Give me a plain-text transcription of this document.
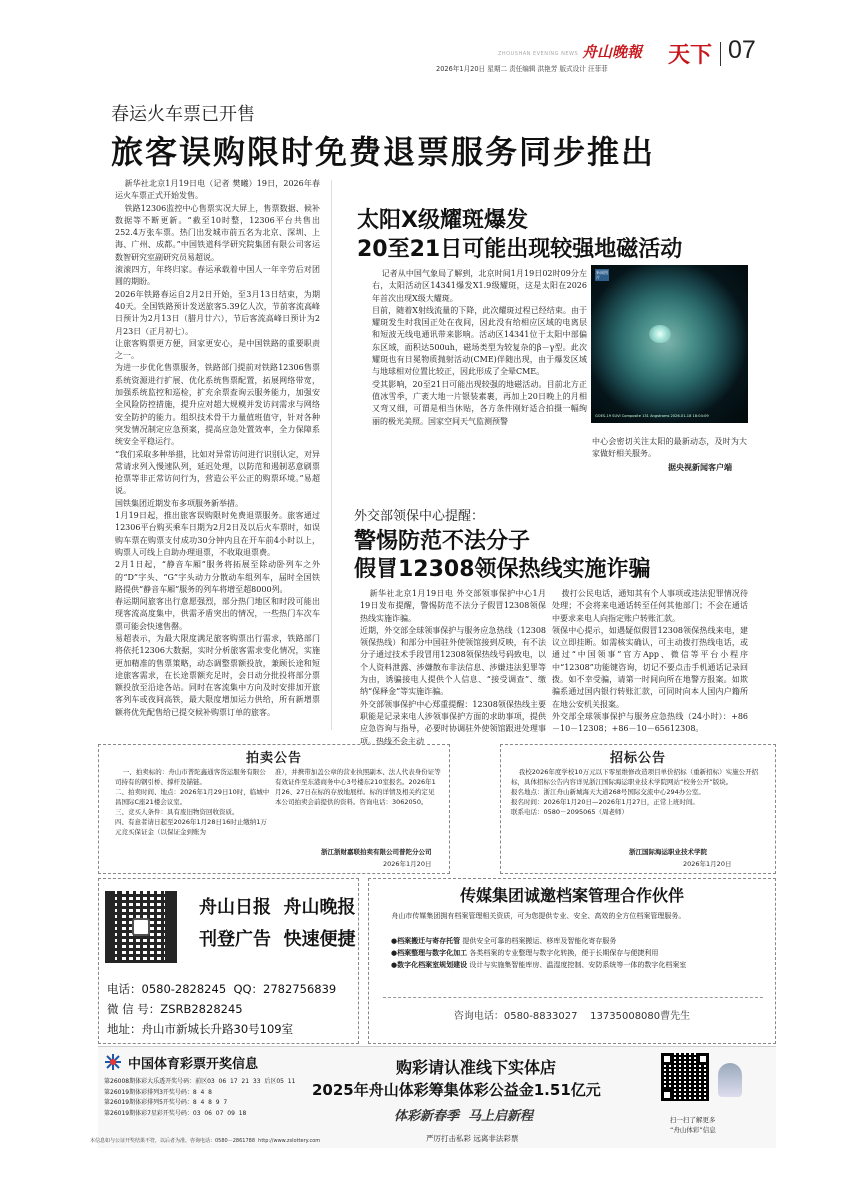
ZHOUSHAN EVENING NEWS 舟山晚報 天下 07
2026年1月20日 星期二 责任编辑 洪艳芳 版式设计 汪菲菲
春运火车票已开售
旅客误购限时免费退票服务同步推出
新华社北京1月19日电（记者 樊曦）19日，2026年春运火车票正式开始发售。
铁路12306监控中心售票实况大屏上，售票数据、候补数据等不断更新。“截至10时整，12306平台共售出252.4万张车票。热门出发城市前五名为北京、深圳、上海、广州、成都。”中国铁道科学研究院集团有限公司客运数智研究室副研究员易超说。
滚滚四方，年终归家。春运承载着中国人一年辛劳后对团圆的期盼。
2026年铁路春运自2月2日开始，至3月13日结束，为期40天。全国铁路预计发送旅客5.39亿人次，节前客流高峰日预计为2月13日（腊月廿六），节后客流高峰日预计为2月23日（正月初七）。
让旅客购票更方便，回家更安心，是中国铁路的重要职责之一。
为进一步优化售票服务，铁路部门提前对铁路12306售票系统资源进行扩展、优化系统售票配置，拓展网络带宽，加强系统监控和巡检，扩充余票查询云服务能力，加强安全风险防控措施，提升应对超大规模并发访问需求与网络安全防护的能力。组织技术骨干力量值班值守，针对各种突发情况制定应急预案，提高应急处置效率，全力保障系统安全平稳运行。
“我们采取多种举措，比如对异常访问进行识别认定，对异常请求列入慢速队列，延迟处理，以防范和遏制恶意刷票抢票等非正常访问行为，营造公平公正的购票环境。”易超说。
国铁集团近期发布多项服务新举措。
1月19日起，推出旅客误购限时免费退票服务。旅客通过12306平台购买乘车日期为2月2日及以后火车票时，如误购车票在购票支付成功30分钟内且在开车前4小时以上，购票人可线上自助办理退票，不收取退票费。
2月1日起，“静音车厢”服务将拓展至除动卧列车之外的“D”字头、“G”字头动力分散动车组列车，届时全国铁路提供“静音车厢”服务的列车将增至超8000列。
春运期间旅客出行意愿强烈，部分热门地区和时段可能出现客流高度集中，供需矛盾突出的情况，一些热门车次车票可能会快速售罄。
易超表示，为最大限度满足旅客购票出行需求，铁路部门将依托12306大数据，实时分析旅客需求变化情况，实施更加精准的售票策略，动态调整票额投放，兼顾长途和短途旅客需求，在长途票额充足时，会日动分批投将部分票额投放至沿途各站。同时在客流集中方向及时安排加开旅客列车或夜间高铁，最大限度增加运力供给，所有新增票额将优先配售给已提交候补购票订单的旅客。
太阳X级耀斑爆发
20至21日可能出现较强地磁活动
记者从中国气象局了解到，北京时间1月19日02时09分左右，太阳活动区14341爆发X1.9级耀斑，这是太阳在2026年首次出现X级大耀斑。
目前，随着X射线流量的下降，此次耀斑过程已经结束。由于耀斑发生时我国正处在夜间，因此没有给相应区域的电离层和短波无线电通讯带来影响。活动区14341位于太阳中部偏东区域，面积达500uh，磁场类型为较复杂的β－γ型。此次耀斑也有日冕物质抛射活动(CME)伴随出现，由于爆发区域与地球相对位置比较正，因此形成了全晕CME。
受其影响，20至21日可能出现较强的地磁活动。目前北方正值冰雪季，广袤大地一片银装素裹，再加上20日晚上的月相又弯又细，可谓是相当休贴，各方条件刚好适合拍摄一幅绚丽的极光美照。国家空间天气监测预警
新闻图片
GOES-19 SUVI Composite 131 Angstroms 2026-01-18 18:04:09
中心会密切关注太阳的最新动态，及时为大家做好相关服务。
据央视新闻客户端
外交部领保中心提醒：
警惕防范不法分子
假冒12308领保热线实施诈骗
新华社北京1月19日电 外交部领事保护中心1月19日发布提醒，警惕防范不法分子假冒12308领保热线实施诈骗。
近期，外交部全球领事保护与服务应急热线（12308领保热线）和部分中国驻外使领馆接到反映，有不法分子通过技术手段冒用12308领保热线号码致电，以个人资料泄露、涉嫌散布非法信息、涉嫌违法犯罪等为由，诱骗接电人提供个人信息、“接受调查”、缴纳“保释金”等实施诈骗。
外交部领事保护中心郑重提醒：12308领保热线主要职能是记录来电人涉领事保护方面的求助事项，提供应急咨询与指导，必要时协调驻外使领馆跟进处理事项。热线不会主动
拨打公民电话，通知其有个人事项或违法犯罪情况待处理；不会将来电通话转至任何其他部门；不会在通话中要求来电人向指定账户转账汇款。
领保中心提示，如遇疑似假冒12308领保热线来电，建议立即挂断。如需核实确认，可主动拨打热线电话，或通过“中国领事”官方App、微信等平台小程序中“12308”功能键咨询，切记不要点击手机通话记录回拨。如不幸受骗，请第一时间向所在地警方报案。如欺骗系通过国内银行转账汇款，可同时向本人国内户籍所在地公安机关报案。
外交部全球领事保护与服务应急热线（24小时）：+86－10－12308；+86－10－65612308。
拍卖公告
一、拍卖标的：舟山市普陀鑫通客货运服务有限公司持有的钢引桥、撑杆及锚链。
二、拍卖时间、地点：2026年1月29日10时，临城中昌国际C座21楼会议室。
三、竞买人条件：具有废旧物资回收资质。
四、有意者请日起至2026年1月28日16时止缴纳1万元竞买保证金（以保证金到账为
准），并携带加盖公章的营业执照副本、法人代表身份证等有效证件至东港商务中心3号楼东210室报名。2026年1月26、27日在标的存放地展样。标的详情及相关约定见本公司拍卖会前提供的资料。咨询电话：3062050。
浙江浙财嘉联拍卖有限公司普陀分公司
2026年1月20日
招标公告
我校2026年度学校10万元以下零星维修改造项目单价招标（重新招标）实施公开招标，具体招标公告内容详见浙江国际海运职业技术学院网站“校务公开”版块。
报名地点：浙江舟山新城海天大道268号国际交流中心294办公室。
报名时间：2026年1月20日—2026年1月27日，正常上班时间。
联系电话：0580－2095065（周老师）
浙江国际海运职业技术学院
2026年1月20日
舟山日报  舟山晚报
刊登广告  快速便捷
电话：0580-2828245  QQ：2782756839
微 信 号：ZSRB2828245
地址：舟山市新城长升路30号109室
传媒集团诚邀档案管理合作伙伴
舟山市传媒集团拥有档案管理相关资质，可为您提供专业、安全、高效的全方位档案管理服务。
●档案搬迁与寄存托管 提供安全可靠的档案搬运、移库及智能化寄存服务
●档案整理与数字化加工 各类档案的专业整理与数字化转换，便于长期保存与便捷利用
●数字化档案室规划建设 设计与实施集智能库房、温湿度控制、安防系统等一体的数字化档案室
咨询电话：0580-8833027    13735008080曹先生
中国体育彩票开奖信息
第26008期体彩大乐透开奖号码：前区03  06  17  21  33  后区05  11
第26019期体彩排列3开奖号码：8  4  8
第26019期体彩排列5开奖号码：8  4  8  9  7
第26019期体彩7星彩开奖号码：03  06  07  09  18
本信息如与公证开奖结果不符，以后者为准。咨询电话：0580－2861788  http://www.zslottery.com
购彩请认准线下实体店
2025年舟山体彩筹集体彩公益金1.51亿元
体彩新春季  马上启新程
严厉打击私彩 远离非法彩票
扫一扫了解更多
“舟山体彩”信息
